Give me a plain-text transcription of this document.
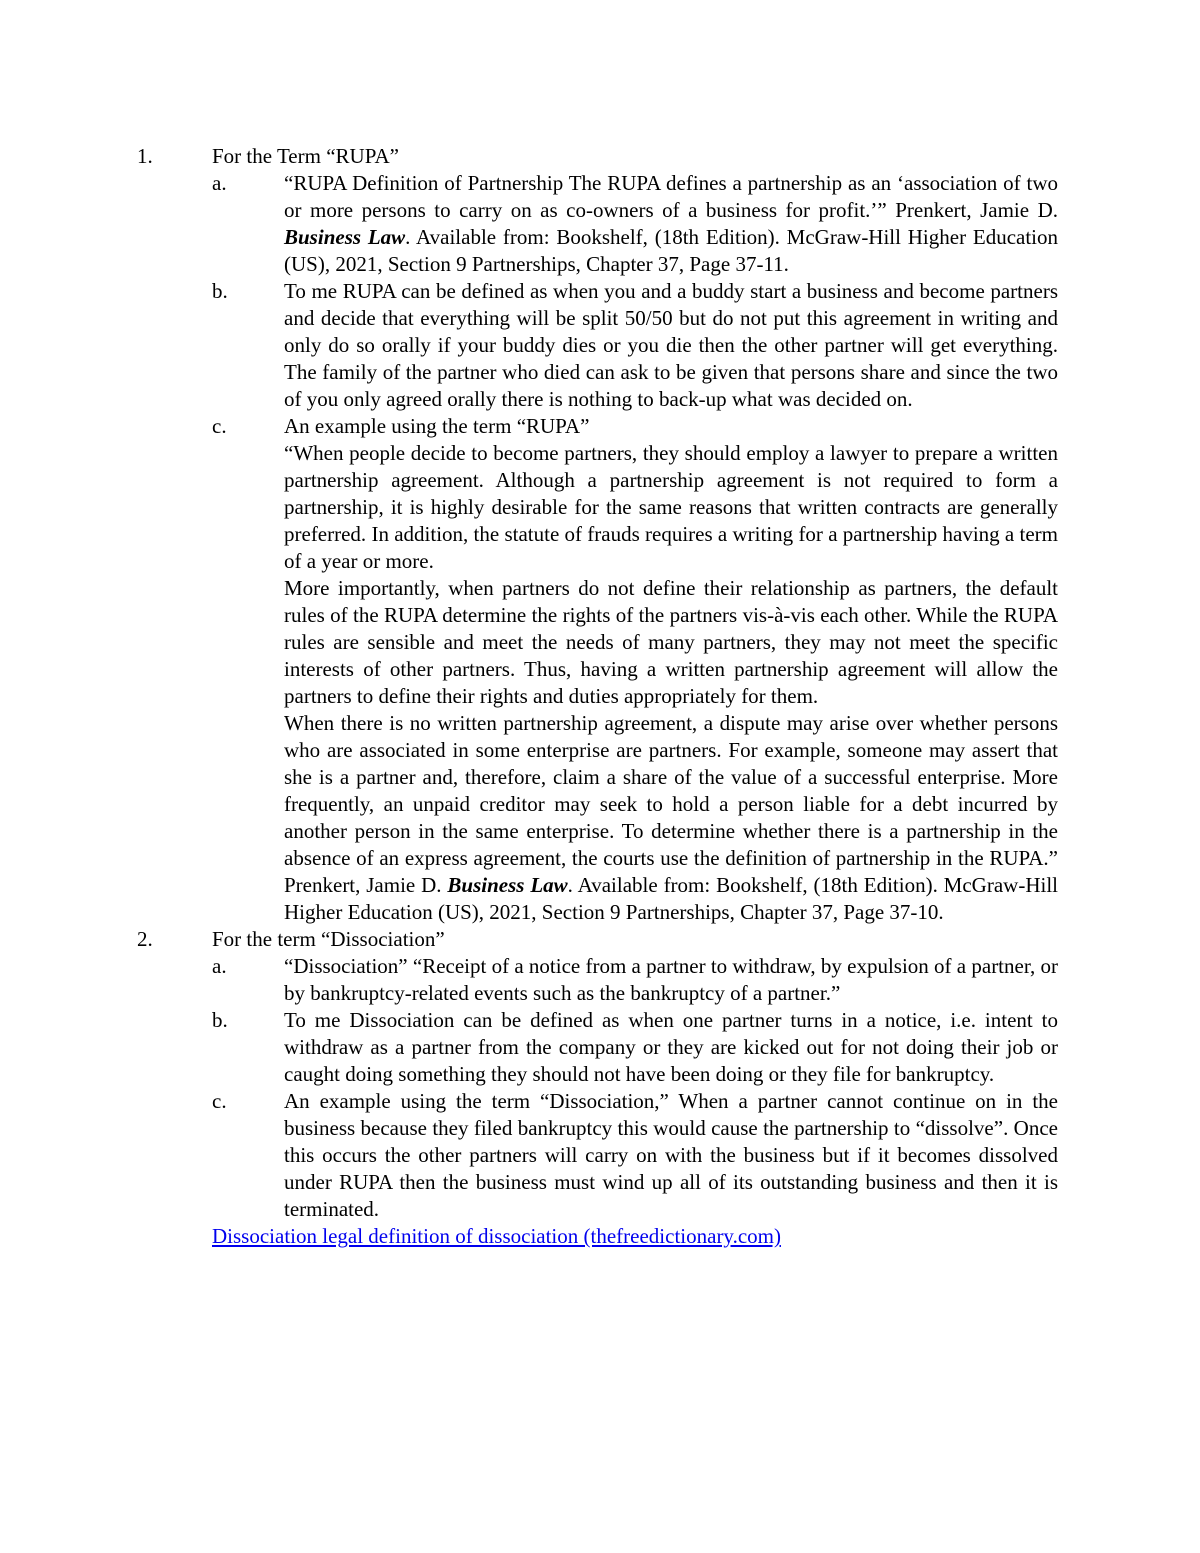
1.	For the Term “RUPA”
a.	“RUPA Definition of Partnership The RUPA defines a partnership as an ‘association of two or more persons to carry on as co-owners of a business for profit.’” Prenkert, Jamie D. Business Law. Available from: Bookshelf, (18th Edition). McGraw-Hill Higher Education (US), 2021, Section 9 Partnerships, Chapter 37, Page 37-11.
b.	To me RUPA can be defined as when you and a buddy start a business and become partners and decide that everything will be split 50/50 but do not put this agreement in writing and only do so orally if your buddy dies or you die then the other partner will get everything. The family of the partner who died can ask to be given that persons share and since the two of you only agreed orally there is nothing to back-up what was decided on.
c.	An example using the term “RUPA”

“When people decide to become partners, they should employ a lawyer to prepare a written partnership agreement. Although a partnership agreement is not required to form a partnership, it is highly desirable for the same reasons that written contracts are generally preferred. In addition, the statute of frauds requires a writing for a partnership having a term of a year or more.

More importantly, when partners do not define their relationship as partners, the default rules of the RUPA determine the rights of the partners vis-à-vis each other. While the RUPA rules are sensible and meet the needs of many partners, they may not meet the specific interests of other partners. Thus, having a written partnership agreement will allow the partners to define their rights and duties appropriately for them.

When there is no written partnership agreement, a dispute may arise over whether persons who are associated in some enterprise are partners. For example, someone may assert that she is a partner and, therefore, claim a share of the value of a successful enterprise. More frequently, an unpaid creditor may seek to hold a person liable for a debt incurred by another person in the same enterprise. To determine whether there is a partnership in the absence of an express agreement, the courts use the definition of partnership in the RUPA.” Prenkert, Jamie D. Business Law. Available from: Bookshelf, (18th Edition). McGraw-Hill Higher Education (US), 2021, Section 9 Partnerships, Chapter 37, Page 37-10.

2.	For the term “Dissociation”
a.	“Dissociation” “Receipt of a notice from a partner to withdraw, by expulsion of a partner, or by bankruptcy-related events such as the bankruptcy of a partner.”
b.	To me Dissociation can be defined as when one partner turns in a notice, i.e. intent to withdraw as a partner from the company or they are kicked out for not doing their job or caught doing something they should not have been doing or they file for bankruptcy.
c.	An example using the term “Dissociation,” When a partner cannot continue on in the business because they filed bankruptcy this would cause the partnership to “dissolve”. Once this occurs the other partners will carry on with the business but if it becomes dissolved under RUPA then the business must wind up all of its outstanding business and then it is terminated.
Dissociation legal definition of dissociation (thefreedictionary.com)
